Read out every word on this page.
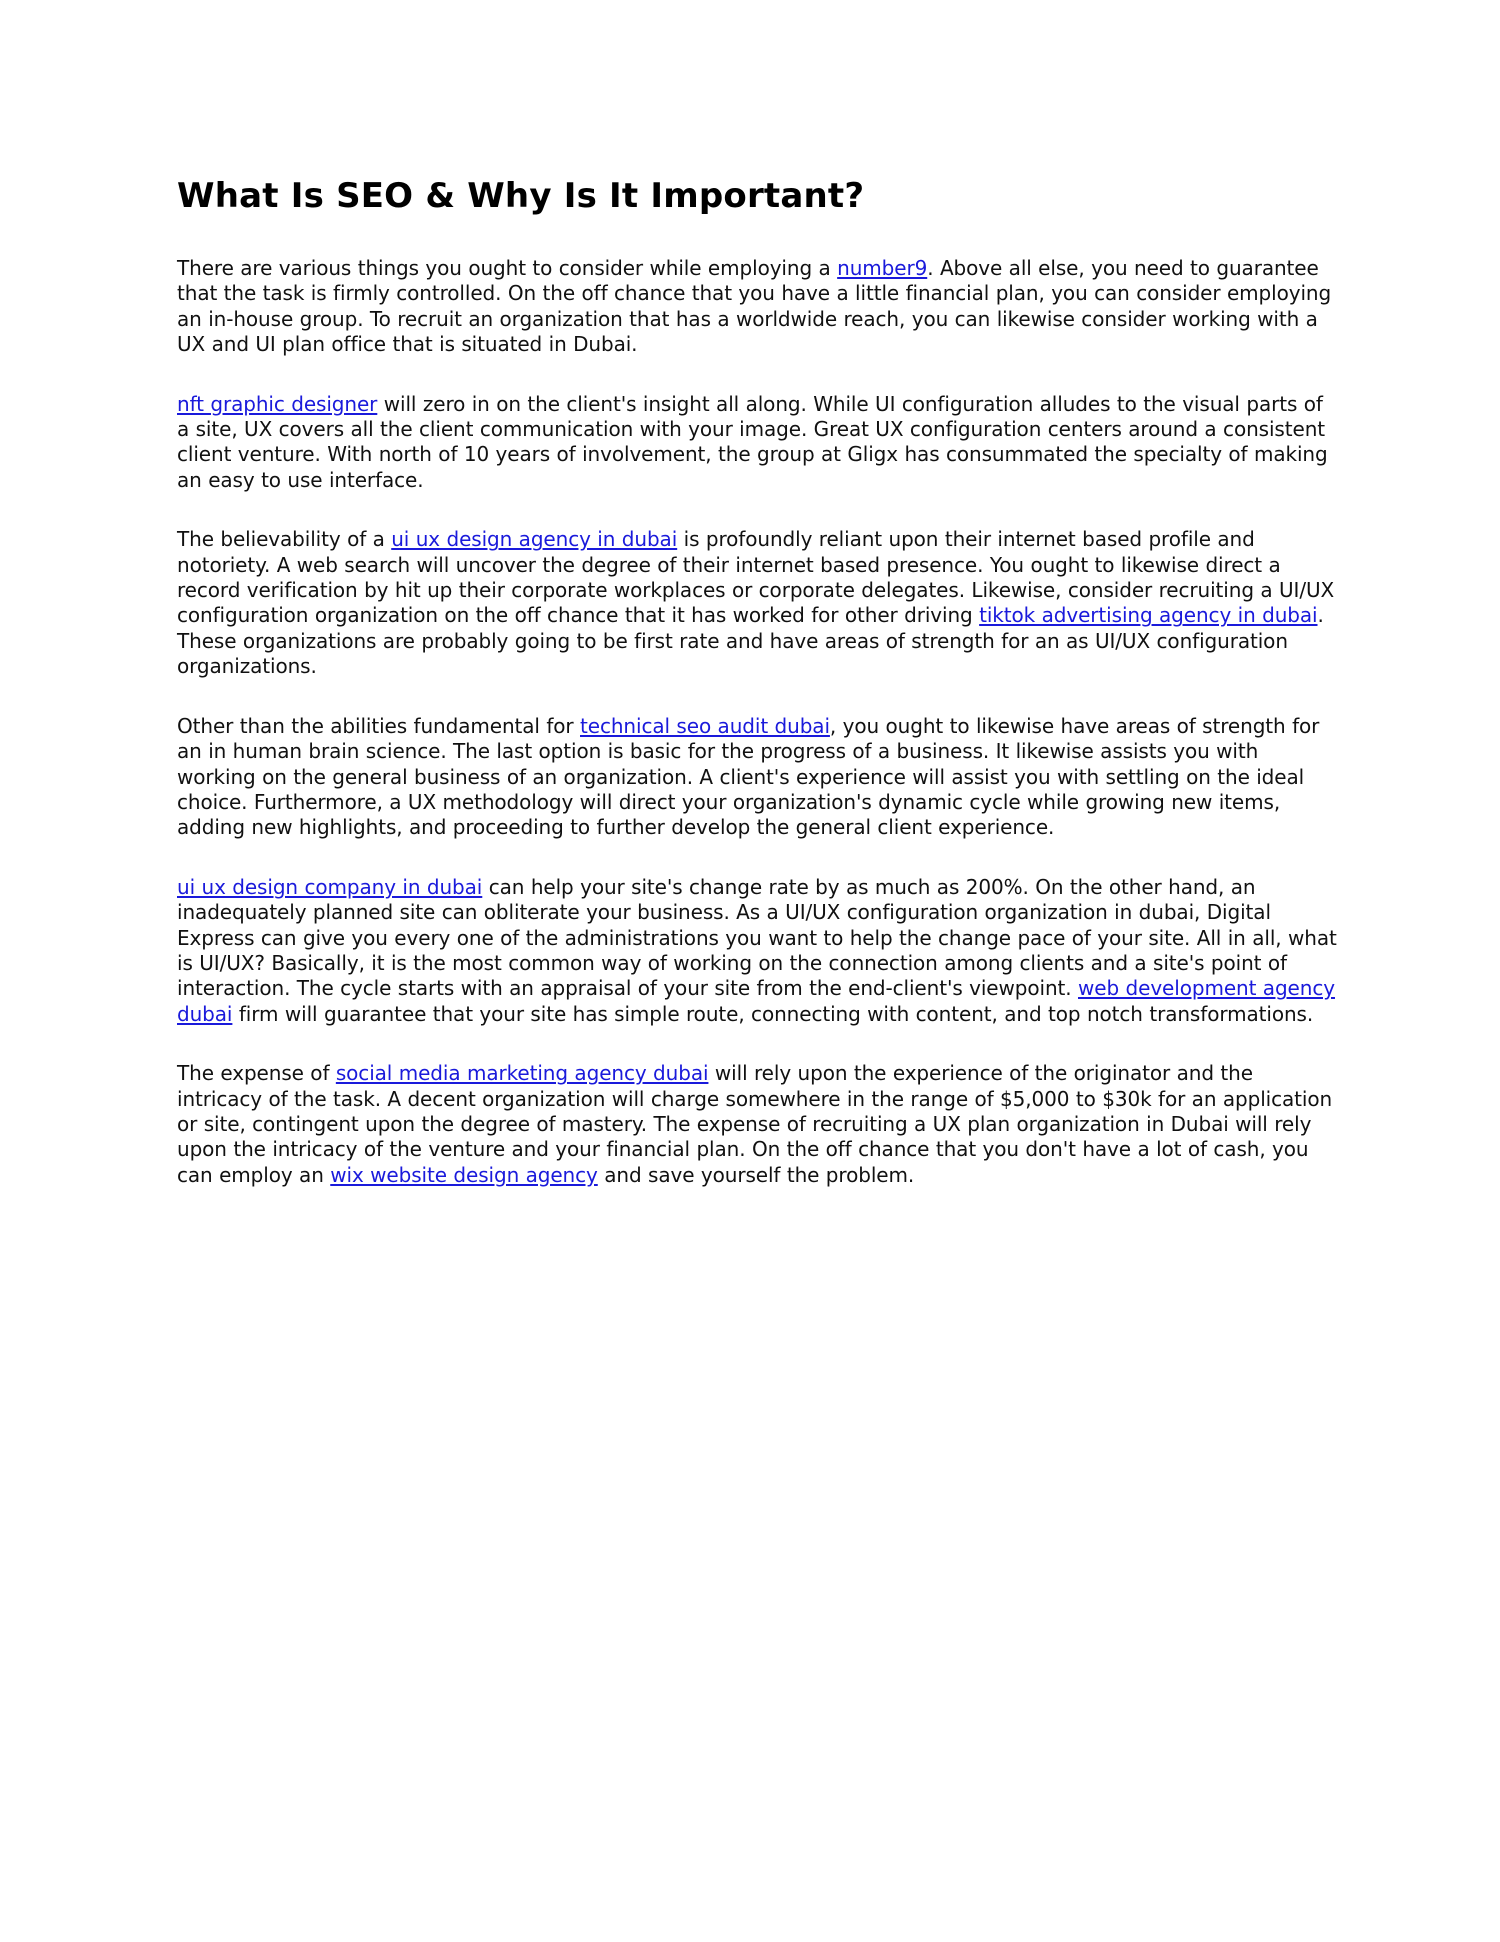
What Is SEO & Why Is It Important?

There are various things you ought to consider while employing a number9. Above all else, you need to guarantee that the task is firmly controlled. On the off chance that you have a little financial plan, you can consider employing an in-house group. To recruit an organization that has a worldwide reach, you can likewise consider working with a UX and UI plan office that is situated in Dubai.

nft graphic designer will zero in on the client's insight all along. While UI configuration alludes to the visual parts of a site, UX covers all the client communication with your image. Great UX configuration centers around a consistent client venture. With north of 10 years of involvement, the group at Gligx has consummated the specialty of making an easy to use interface.

The believability of a ui ux design agency in dubai is profoundly reliant upon their internet based profile and notoriety. A web search will uncover the degree of their internet based presence. You ought to likewise direct a record verification by hit up their corporate workplaces or corporate delegates. Likewise, consider recruiting a UI/UX configuration organization on the off chance that it has worked for other driving tiktok advertising agency in dubai. These organizations are probably going to be first rate and have areas of strength for an as UI/UX configuration organizations.

Other than the abilities fundamental for technical seo audit dubai, you ought to likewise have areas of strength for an in human brain science. The last option is basic for the progress of a business. It likewise assists you with working on the general business of an organization. A client's experience will assist you with settling on the ideal choice. Furthermore, a UX methodology will direct your organization's dynamic cycle while growing new items, adding new highlights, and proceeding to further develop the general client experience.

ui ux design company in dubai can help your site's change rate by as much as 200%. On the other hand, an inadequately planned site can obliterate your business. As a UI/UX configuration organization in dubai, Digital Express can give you every one of the administrations you want to help the change pace of your site. All in all, what is UI/UX? Basically, it is the most common way of working on the connection among clients and a site's point of interaction. The cycle starts with an appraisal of your site from the end-client's viewpoint. web development agency dubai firm will guarantee that your site has simple route, connecting with content, and top notch transformations.

The expense of social media marketing agency dubai will rely upon the experience of the originator and the intricacy of the task. A decent organization will charge somewhere in the range of $5,000 to $30k for an application or site, contingent upon the degree of mastery. The expense of recruiting a UX plan organization in Dubai will rely upon the intricacy of the venture and your financial plan. On the off chance that you don't have a lot of cash, you can employ an wix website design agency and save yourself the problem.
